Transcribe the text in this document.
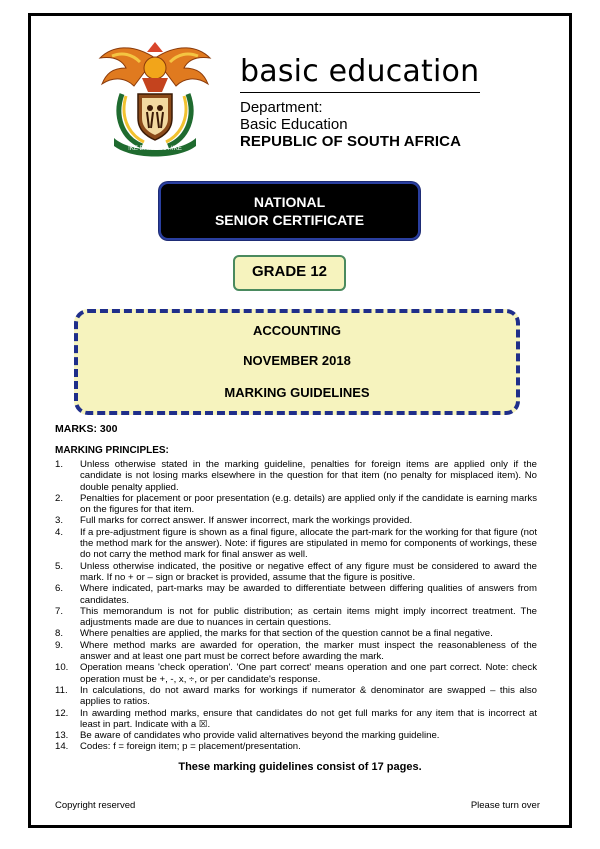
!KE E: /XARRA //KE
basic education
Department:
Basic Education
REPUBLIC OF SOUTH AFRICA
NATIONAL
SENIOR CERTIFICATE
GRADE 12
ACCOUNTING
NOVEMBER 2018
MARKING GUIDELINES
MARKS: 300
MARKING PRINCIPLES:
1.	Unless otherwise stated in the marking guideline, penalties for foreign items are applied only if the candidate is not losing marks elsewhere in the question for that item (no penalty for misplaced item). No double penalty applied.
2.	Penalties for placement or poor presentation (e.g. details) are applied only if the candidate is earning marks on the figures for that item.
3.	Full marks for correct answer. If answer incorrect, mark the workings provided.
4.	If a pre-adjustment figure is shown as a final figure, allocate the part-mark for the working for that figure (not the method mark for the answer). Note: if figures are stipulated in memo for components of workings, these do not carry the method mark for final answer as well.
5.	Unless otherwise indicated, the positive or negative effect of any figure must be considered to award the mark. If no + or – sign or bracket is provided, assume that the figure is positive.
6.	Where indicated, part-marks may be awarded to differentiate between differing qualities of answers from candidates.
7.	This memorandum is not for public distribution; as certain items might imply incorrect treatment. The adjustments made are due to nuances in certain questions.
8.	Where penalties are applied, the marks for that section of the question cannot be a final negative.
9.	Where method marks are awarded for operation, the marker must inspect the reasonableness of the answer and at least one part must be correct before awarding the mark.
10.	Operation means 'check operation'. 'One part correct' means operation and one part correct. Note: check operation must be +, -, x, ÷, or per candidate's response.
11.	In calculations, do not award marks for workings if numerator & denominator are swapped – this also applies to ratios.
12.	In awarding method marks, ensure that candidates do not get full marks for any item that is incorrect at least in part. Indicate with a ☒.
13.	Be aware of candidates who provide valid alternatives beyond the marking guideline.
14.	Codes: f = foreign item; p = placement/presentation.
These marking guidelines consist of 17 pages.
Copyright reserved	Please turn over
